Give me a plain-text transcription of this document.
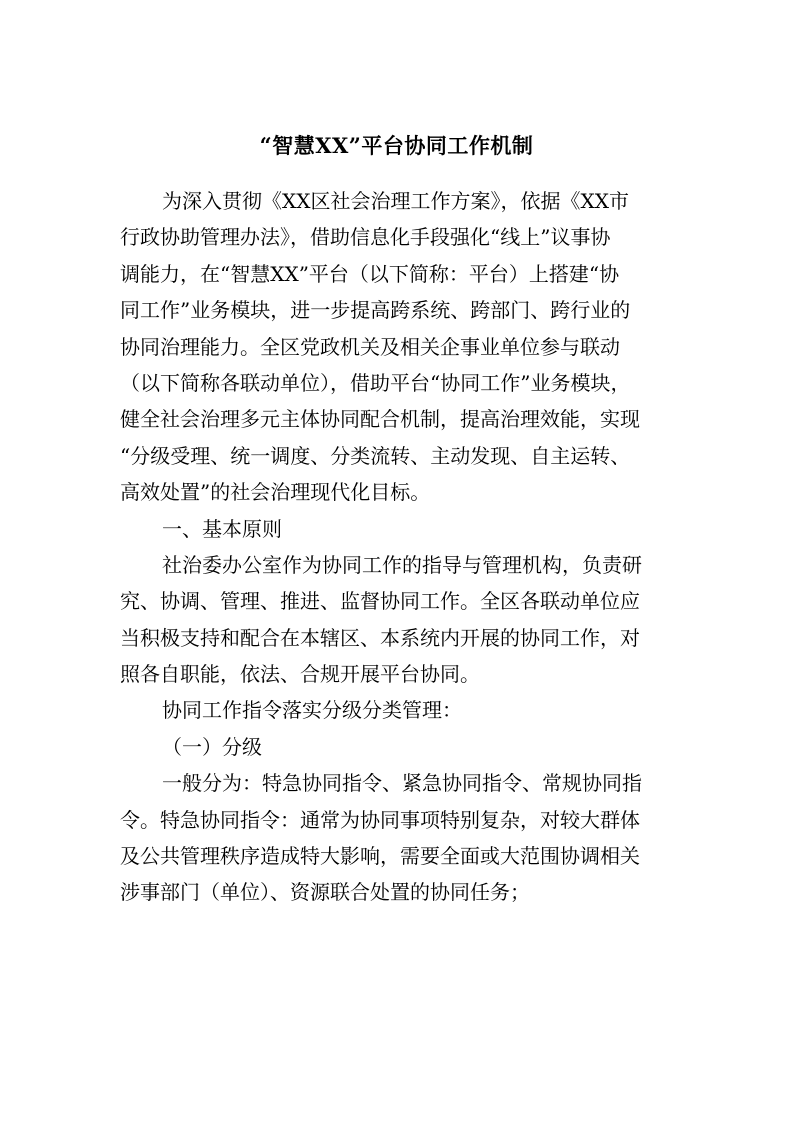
“智慧XX”平台协同工作机制
为深入贯彻《XX区社会治理工作方案》，依据《XX市
行政协助管理办法》，借助信息化手段强化“线上”议事协
调能力，在“智慧XX”平台（以下简称：平台）上搭建“协
同工作”业务模块，进一步提高跨系统、跨部门、跨行业的
协同治理能力。全区党政机关及相关企事业单位参与联动
（以下简称各联动单位），借助平台“协同工作”业务模块，
健全社会治理多元主体协同配合机制，提高治理效能，实现
“分级受理、统一调度、分类流转、主动发现、自主运转、
高效处置”的社会治理现代化目标。
一、基本原则
社治委办公室作为协同工作的指导与管理机构，负责研
究、协调、管理、推进、监督协同工作。全区各联动单位应
当积极支持和配合在本辖区、本系统内开展的协同工作，对
照各自职能，依法、合规开展平台协同。
协同工作指令落实分级分类管理：
（一）分级
一般分为：特急协同指令、紧急协同指令、常规协同指
令。特急协同指令：通常为协同事项特别复杂，对较大群体
及公共管理秩序造成特大影响，需要全面或大范围协调相关
涉事部门（单位）、资源联合处置的协同任务；
